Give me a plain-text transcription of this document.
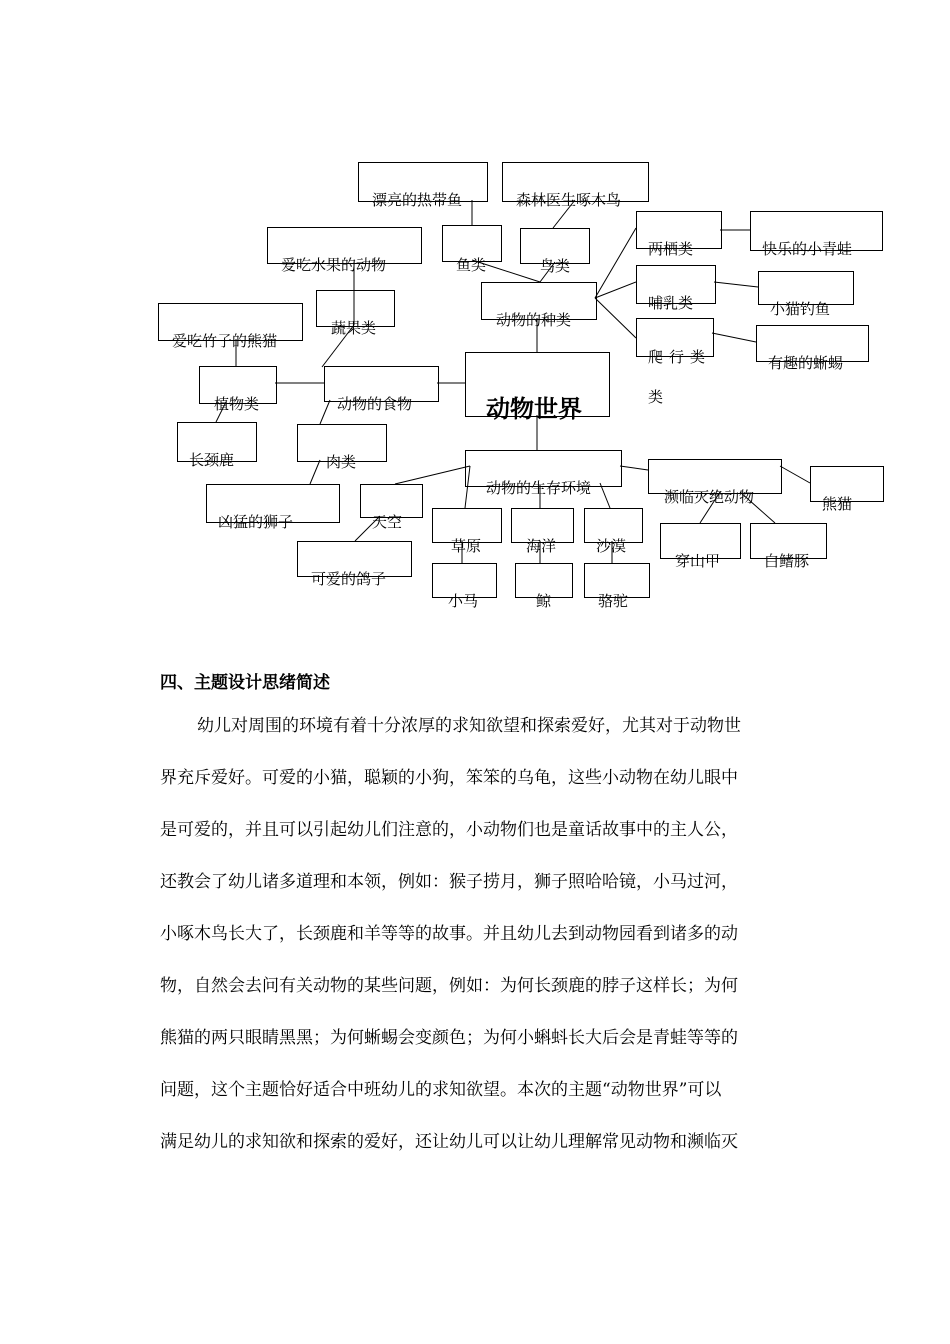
漂亮的热带鱼	森林医生啄木鸟
爱吃水果的动物	鱼类	鸟类
两栖类	快乐的小青蛙
爱吃竹子的熊猫
蔬果类	动物的种类
哺乳类	小猫钓鱼
爬行类
类
有趣的蜥蜴
植物类	动物的食物	动物世界
长颈鹿	肉类
动物的生存环境	濒临灭绝动物	熊猫
凶猛的狮子	天空
草原	海洋	沙漠
穿山甲	白鳍豚
可爱的鸽子
小马	鲸	骆驼
四、主题设计思绪简述
幼儿对周围的环境有着十分浓厚的求知欲望和探索爱好，尤其对于动物世
界充斥爱好。可爱的小猫，聪颖的小狗，笨笨的乌龟，这些小动物在幼儿眼中
是可爱的，并且可以引起幼儿们注意的，小动物们也是童话故事中的主人公，
还教会了幼儿诸多道理和本领，例如：猴子捞月，狮子照哈哈镜，小马过河，
小啄木鸟长大了，长颈鹿和羊等等的故事。并且幼儿去到动物园看到诸多的动
物，自然会去问有关动物的某些问题，例如：为何长颈鹿的脖子这样长；为何
熊猫的两只眼睛黑黑；为何蜥蜴会变颜色；为何小蝌蚪长大后会是青蛙等等的
问题，这个主题恰好适合中班幼儿的求知欲望。本次的主题“动物世界”可以
满足幼儿的求知欲和探索的爱好，还让幼儿可以让幼儿理解常见动物和濒临灭
